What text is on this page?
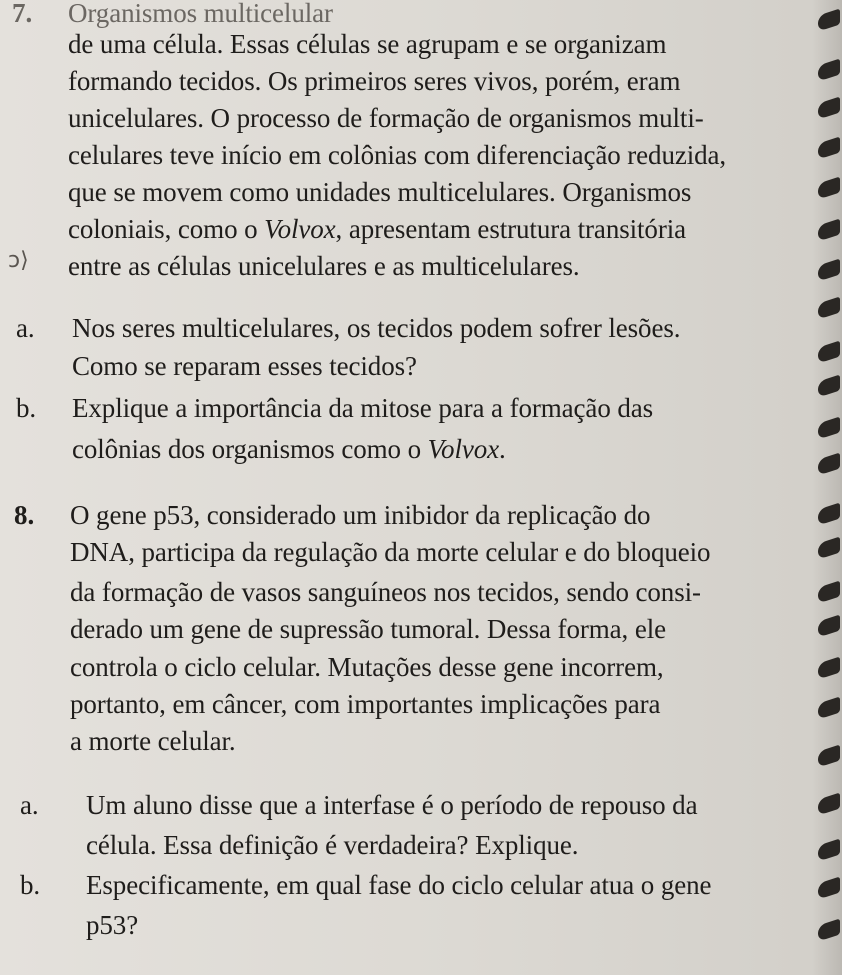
7. Organismos multicelular
de uma célula. Essas células se agrupam e se organizam
formando tecidos. Os primeiros seres vivos, porém, eram
unicelulares. O processo de formação de organismos multi-
celulares teve início em colônias com diferenciação reduzida,
que se movem como unidades multicelulares. Organismos
coloniais, como o Volvox, apresentam estrutura transitória
ↄ⟩ entre as células unicelulares e as multicelulares.
a. Nos seres multicelulares, os tecidos podem sofrer lesões.
Como se reparam esses tecidos?
b. Explique a importância da mitose para a formação das
colônias dos organismos como o Volvox.
8. O gene p53, considerado um inibidor da replicação do
DNA, participa da regulação da morte celular e do bloqueio
da formação de vasos sanguíneos nos tecidos, sendo consi-
derado um gene de supressão tumoral. Dessa forma, ele
controla o ciclo celular. Mutações desse gene incorrem,
portanto, em câncer, com importantes implicações para
a morte celular.
a. Um aluno disse que a interfase é o período de repouso da
célula. Essa definição é verdadeira? Explique.
b. Especificamente, em qual fase do ciclo celular atua o gene
p53?
